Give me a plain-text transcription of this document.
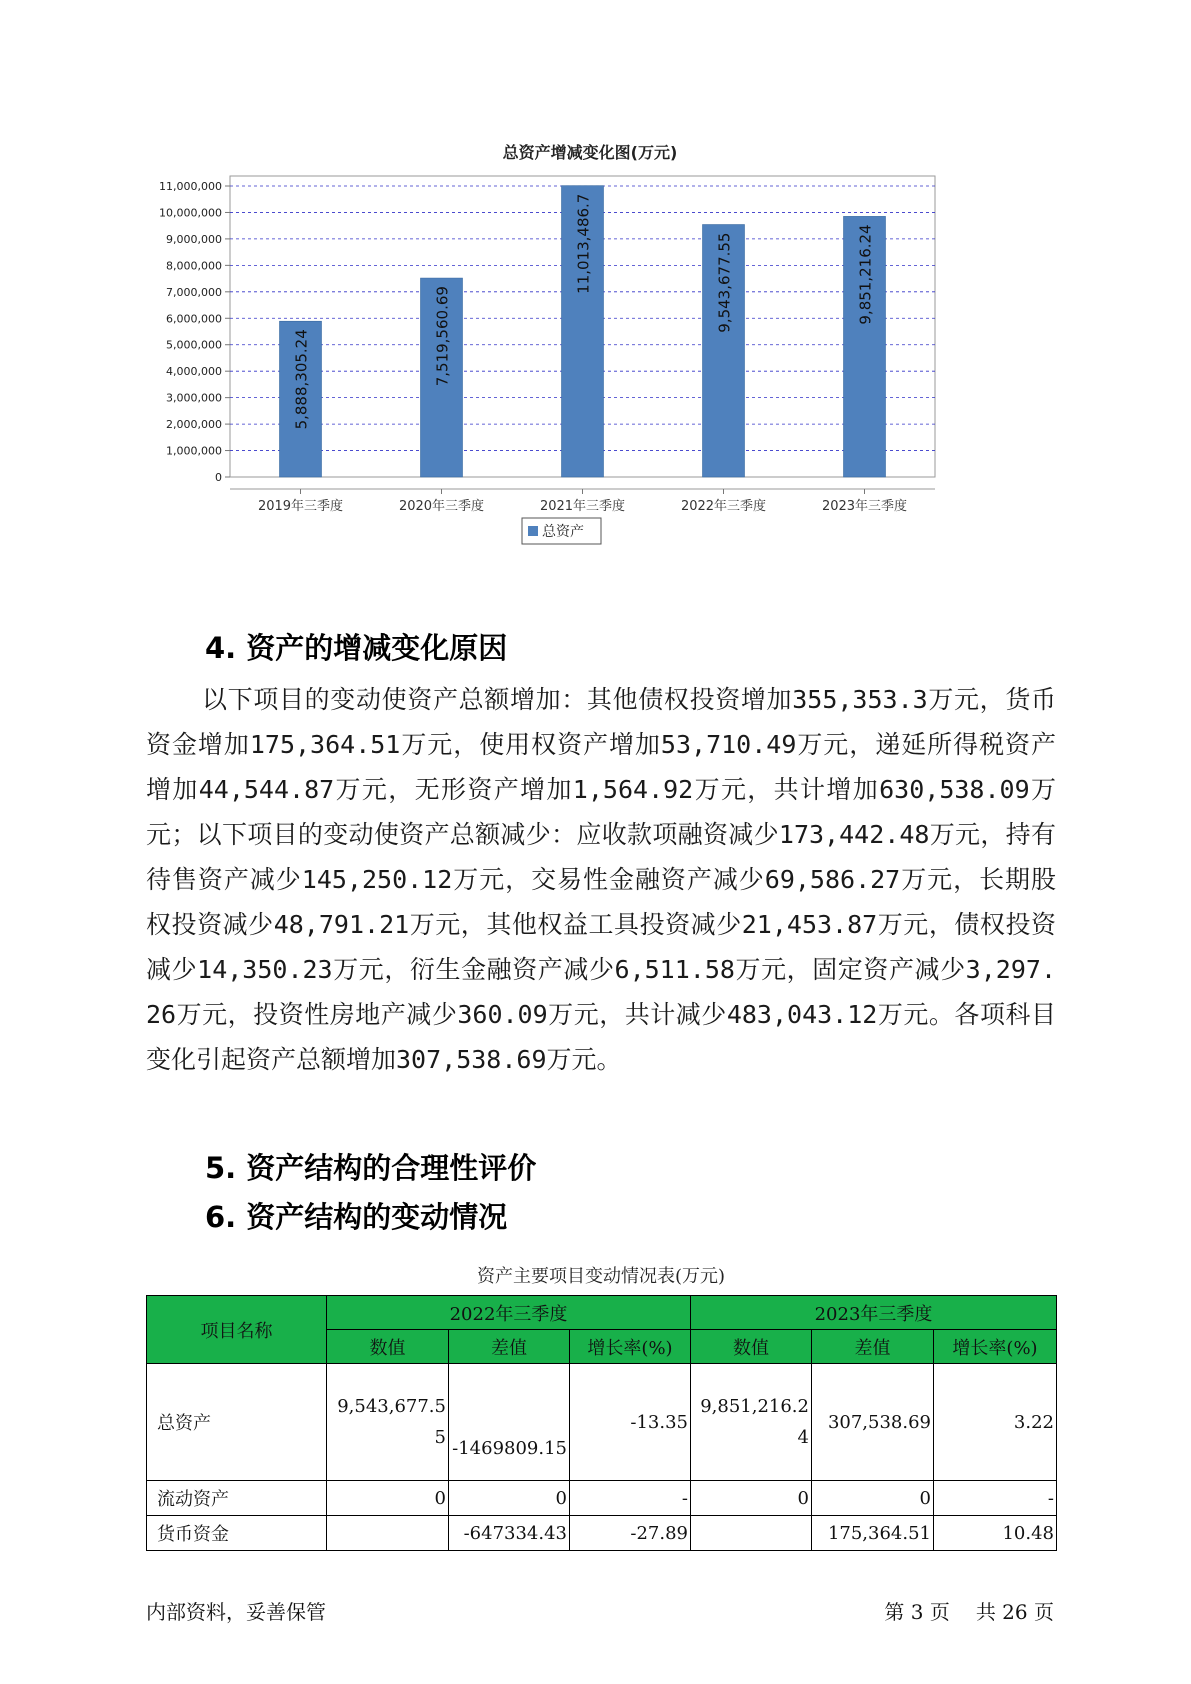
总资产增减变化图(万元)
0
1,000,000
2,000,000
3,000,000
4,000,000
5,000,000
6,000,000
7,000,000
8,000,000
9,000,000
10,000,000
11,000,000
5,888,305.24	7,519,560.69
11,013,486.7	9,543,677.55	9,851,216.24
2019年三季度	2020年三季度	2021年三季度	2022年三季度	2023年三季度
总资产
4. 资产的增减变化原因

以下项目的变动使资产总额增加：其他债权投资增加355,353.3万元，货币资金增加175,364.51万元，使用权资产增加53,710.49万元，递延所得税资产增加44,544.87万元，无形资产增加1,564.92万元，共计增加630,538.09万元；以下项目的变动使资产总额减少：应收款项融资减少173,442.48万元，持有待售资产减少145,250.12万元，交易性金融资产减少69,586.27万元，长期股权投资减少48,791.21万元，其他权益工具投资减少21,453.87万元，债权投资减少14,350.23万元，衍生金融资产减少6,511.58万元，固定资产减少3,297.26万元，投资性房地产减少360.09万元，共计减少483,043.12万元。各项科目变化引起资产总额增加307,538.69万元。

5. 资产结构的合理性评价
6. 资产结构的变动情况
资产主要项目变动情况表(万元)
项目名称	2022年三季度			2023年三季度		
	数值	差值	增长率(%)	数值	差值	增长率(%)
总资产	9,543,677.55	-1469809.15	-13.35	9,851,216.24	307,538.69	3.22
流动资产	0	0	-	0	0	-
货币资金		-647334.43	-27.89		175,364.51	10.48
内部资料，妥善保管	第 3 页 共 26 页
